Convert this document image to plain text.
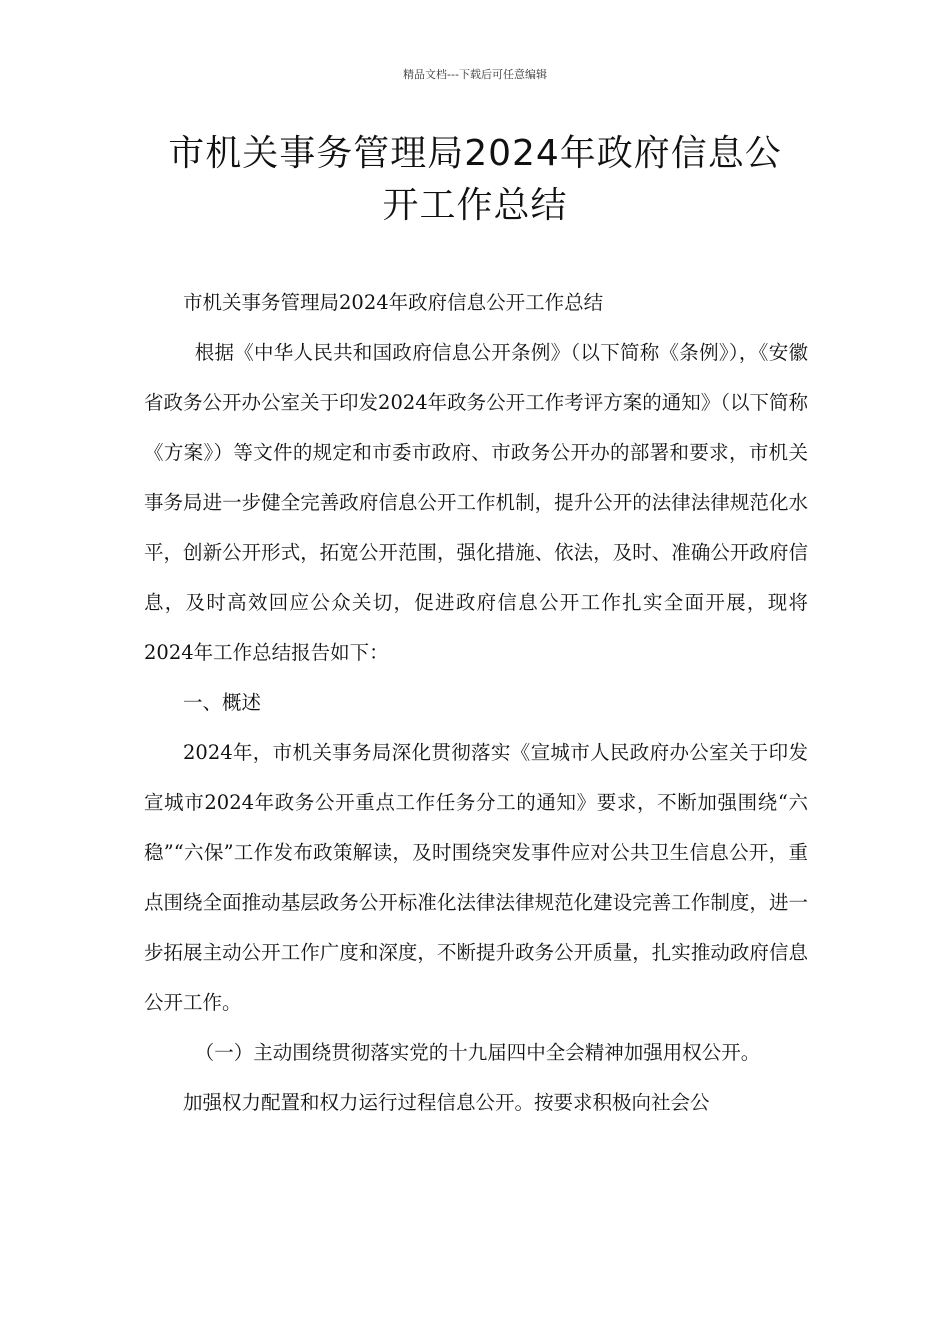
精品文档---下载后可任意编辑
市机关事务管理局2024年政府信息公
开工作总结

市机关事务管理局2024年政府信息公开工作总结

根据《中华人民共和国政府信息公开条例》（以下简称《条例》），《安徽省政务公开办公室关于印发2024年政务公开工作考评方案的通知》（以下简称《方案》）等文件的规定和市委市政府、市政务公开办的部署和要求，市机关事务局进一步健全完善政府信息公开工作机制，提升公开的法律法律规范化水平，创新公开形式，拓宽公开范围，强化措施、依法，及时、准确公开政府信息，及时高效回应公众关切，促进政府信息公开工作扎实全面开展，现将2024年工作总结报告如下：

一、概述

2024年，市机关事务局深化贯彻落实《宣城市人民政府办公室关于印发宣城市2024年政务公开重点工作任务分工的通知》要求，不断加强围绕“六稳”“六保”工作发布政策解读，及时围绕突发事件应对公共卫生信息公开，重点围绕全面推动基层政务公开标准化法律法律规范化建设完善工作制度，进一步拓展主动公开工作广度和深度，不断提升政务公开质量，扎实推动政府信息公开工作。

（一）主动围绕贯彻落实党的十九届四中全会精神加强用权公开。

加强权力配置和权力运行过程信息公开。按要求积极向社会公
